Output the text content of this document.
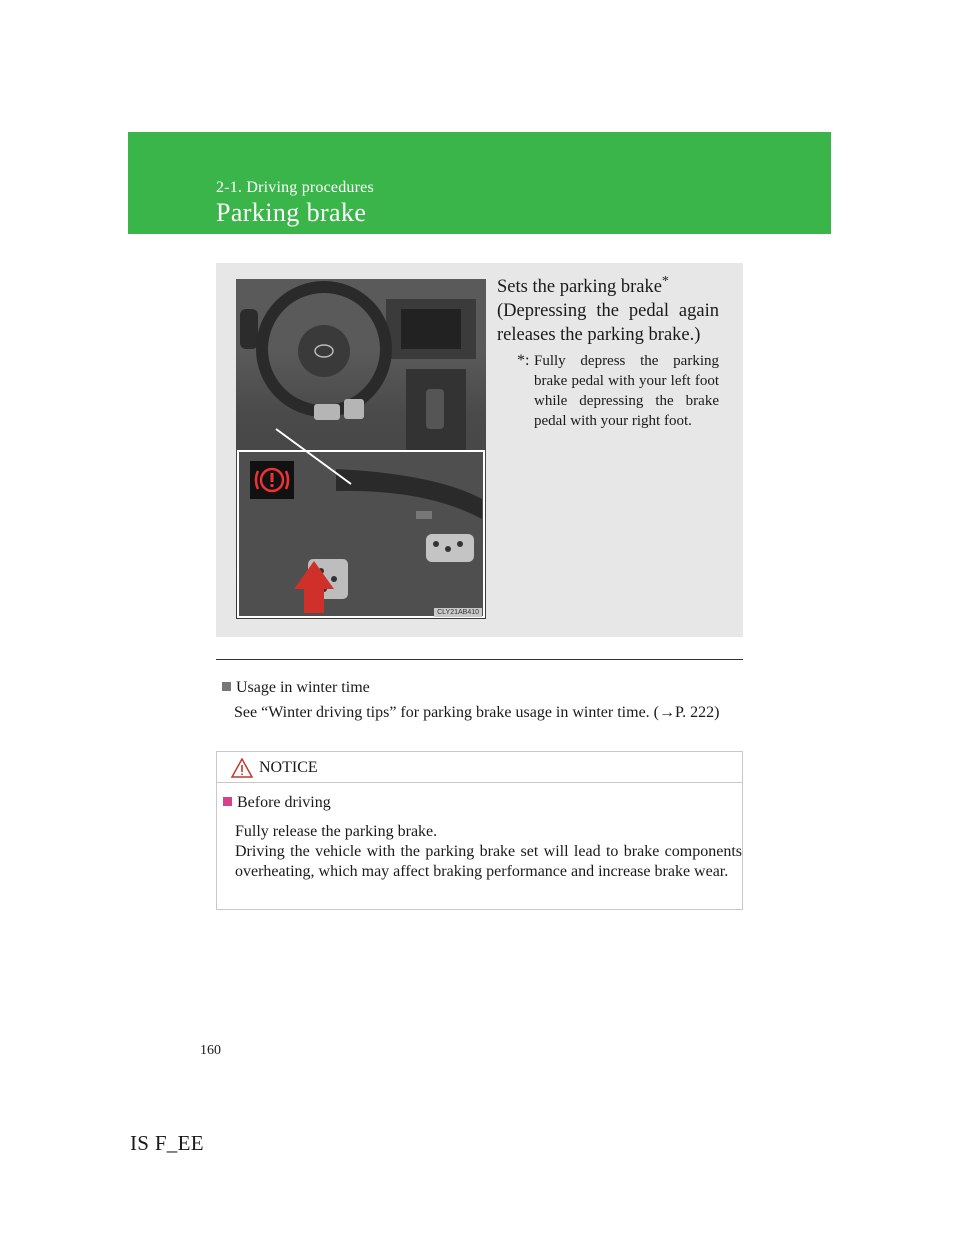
2-1. Driving procedures
Parking brake
CLY21AB410
Sets the parking brake*
(Depressing the pedal again releases the parking brake.)
*: Fully depress the parking brake pedal with your left foot while depressing the brake pedal with your right foot.
Usage in winter time
See “Winter driving tips” for parking brake usage in winter time. (→P. 222)
NOTICE
Before driving

Fully release the parking brake.

Driving the vehicle with the parking brake set will lead to brake components overheating, which may affect braking performance and increase brake wear.

160
IS F_EE
